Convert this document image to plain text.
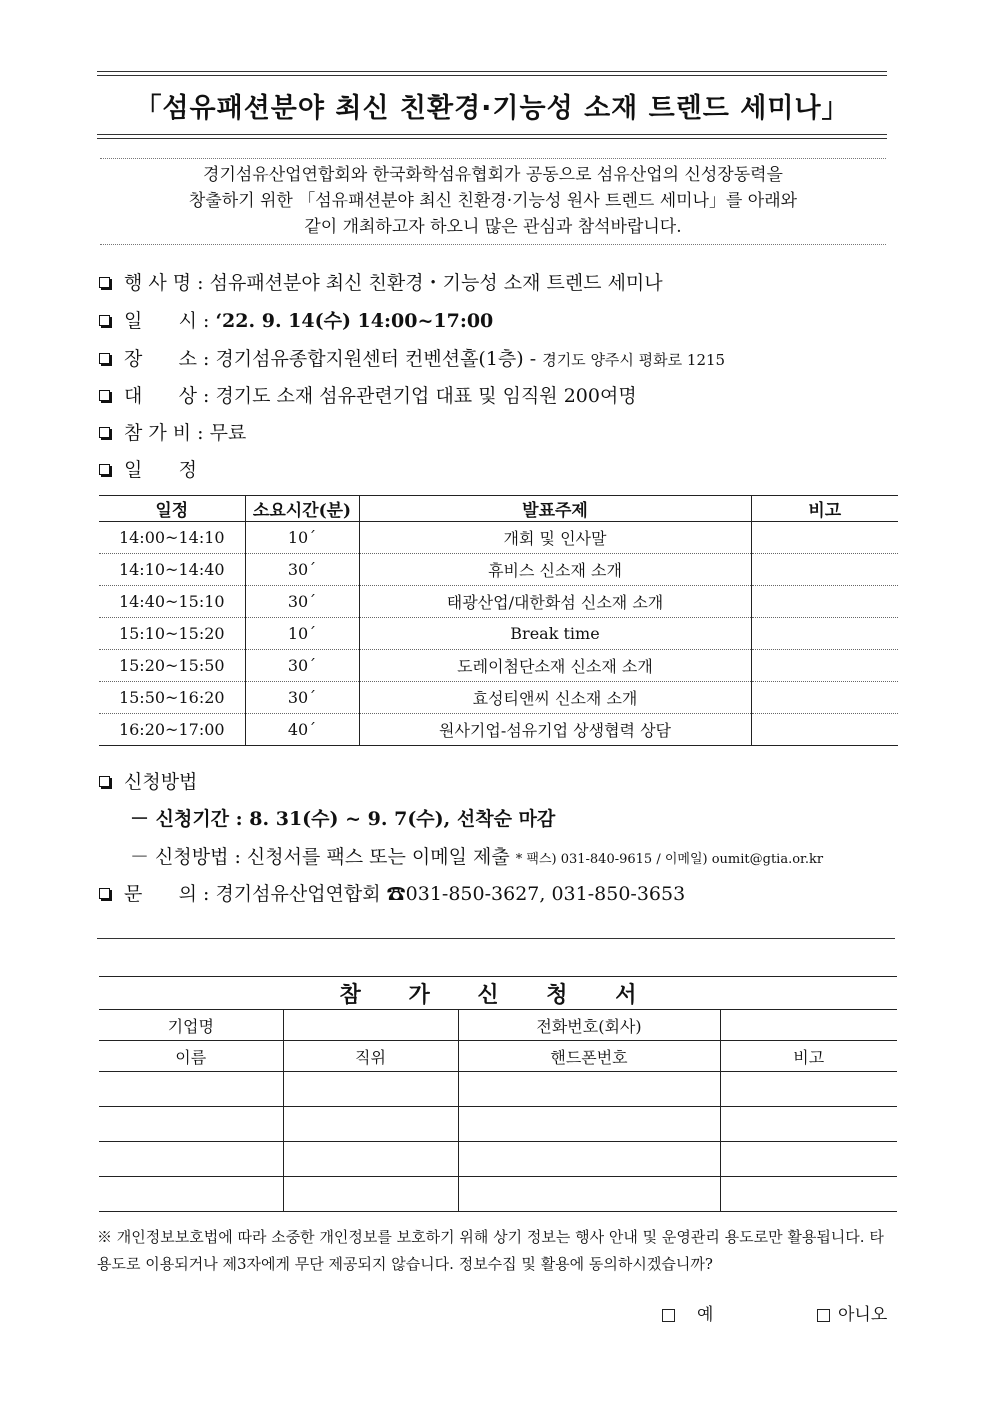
「섬유패션분야 최신 친환경·기능성 소재 트렌드 세미나」
경기섬유산업연합회와 한국화학섬유협회가 공동으로 섬유산업의 신성장동력을
창출하기 위한 「섬유패션분야 최신 친환경·기능성 원사 트렌드 세미나」를 아래와
같이 개최하고자 하오니 많은 관심과 참석바랍니다.
행 사 명 : 섬유패션분야 최신 친환경・기능성 소재 트렌드 세미나
일      시 : ‘22. 9. 14(수) 14:00~17:00
장      소 : 경기섬유종합지원센터 컨벤션홀(1층) - 경기도 양주시 평화로 1215
대      상 : 경기도 소재 섬유관련기업 대표 및 임직원 200여명
참 가 비 : 무료
일      정
일정	소요시간(분)	발표주제	비고
14:00~14:10	10´	개회 및 인사말	
14:10~14:40	30´	휴비스 신소재 소개	
14:40~15:10	30´	태광산업/대한화섬 신소재 소개	
15:10~15:20	10´	Break time	
15:20~15:50	30´	도레이첨단소재 신소재 소개	
15:50~16:20	30´	효성티앤씨 신소재 소개	
16:20~17:00	40´	원사기업-섬유기업 상생협력 상담	
신청방법
－ 신청기간 : 8. 31(수) ~ 9. 7(수), 선착순 마감
－ 신청방법 : 신청서를 팩스 또는 이메일 제출 * 팩스) 031-840-9615 / 이메일) oumit@gtia.or.kr
문      의 : 경기섬유산업연합회 ☎031-850-3627, 031-850-3653
참 가 신 청 서			
기업명		전화번호(회사)	
이름	직위	핸드폰번호	비고

※ 개인정보보호법에 따라 소중한 개인정보를 보호하기 위해 상기 정보는 행사 안내 및 운영관리 용도로만 활용됩니다. 타 용도로 이용되거나 제3자에게 무단 제공되지 않습니다. 정보수집 및 활용에 동의하시겠습니까?
예	아니오
